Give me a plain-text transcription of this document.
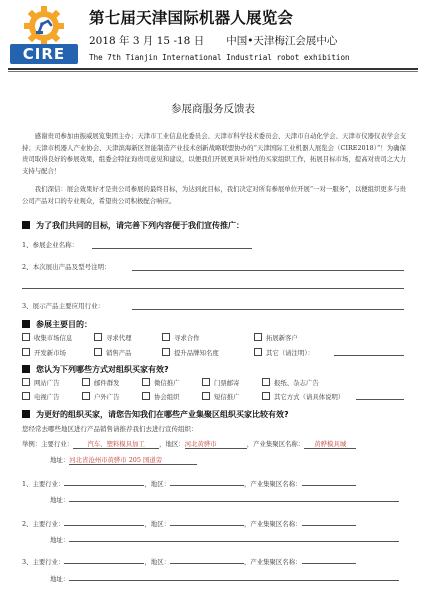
CIRE
第七届天津国际机器人展览会
2018 年 3 月 15 -18 日 中国•天津梅江会展中心
The 7th Tianjin International Industrial robot exhibition
参展商服务反馈表

感谢贵司参加由振威展览集团主办；天津市工业信息化委员会、天津市科学技术委员会、天津市自动化学会、天津市仪器仪表学会支持；天津市机器人产业协会、天津滨海新区智能制造产业技术创新战略联盟协办的“天津国际工业机器人展览会（CIRE2018）”！为确保贵司取得良好的参展效果，组委会特征询贵司意见和建议，以便我们开展更具针对性的买家组织工作，拓展目标市场，提高对贵司之大力支持与配合！

我们深信：展会效果好才是贵公司参展的最终目标，为达到此目标，我们决定对所有参展单位开展“一对一服务”，以便组织更多与贵公司产品对口的专业观众，希望贵公司积极配合响应。

为了我们共同的目标，请完善下列内容便于我们宣传推广：
1、参展企业名称：
2、本次展出产品及型号注明：
3、展示产品主要应用行业：
参展主要目的：
收集市场信息	寻求代理	寻求合作	拓展新客户
开发新市场	销售产品	提升品牌知名度	其它（请注明）：
您认为下列哪些方式对组织买家有效?
网站广告	邮件群发	微信推广	门票邮寄	报纸、杂志广告
电视广告	户外广告	协会组织	短信推广	其它方式（请具体说明）
为更好的组织买家，请您告知我们在哪些产业集聚区组织买家比较有效?
您经常去哪些地区进行产品销售请推荐我们去进行宣传组织：
举例：主要行业： 汽车、塑料模具加工 ，地区：河北黄骅市	，产业集聚区名称： 黄骅模具城
地址：河北省沧州市黄骅市 205 国道旁
1、主要行业：	，地区：	，产业集聚区名称：
地址：
2、主要行业：	，地区：	，产业集聚区名称：
地址：
3、主要行业：	，地区：	，产业集聚区名称：
地址：
